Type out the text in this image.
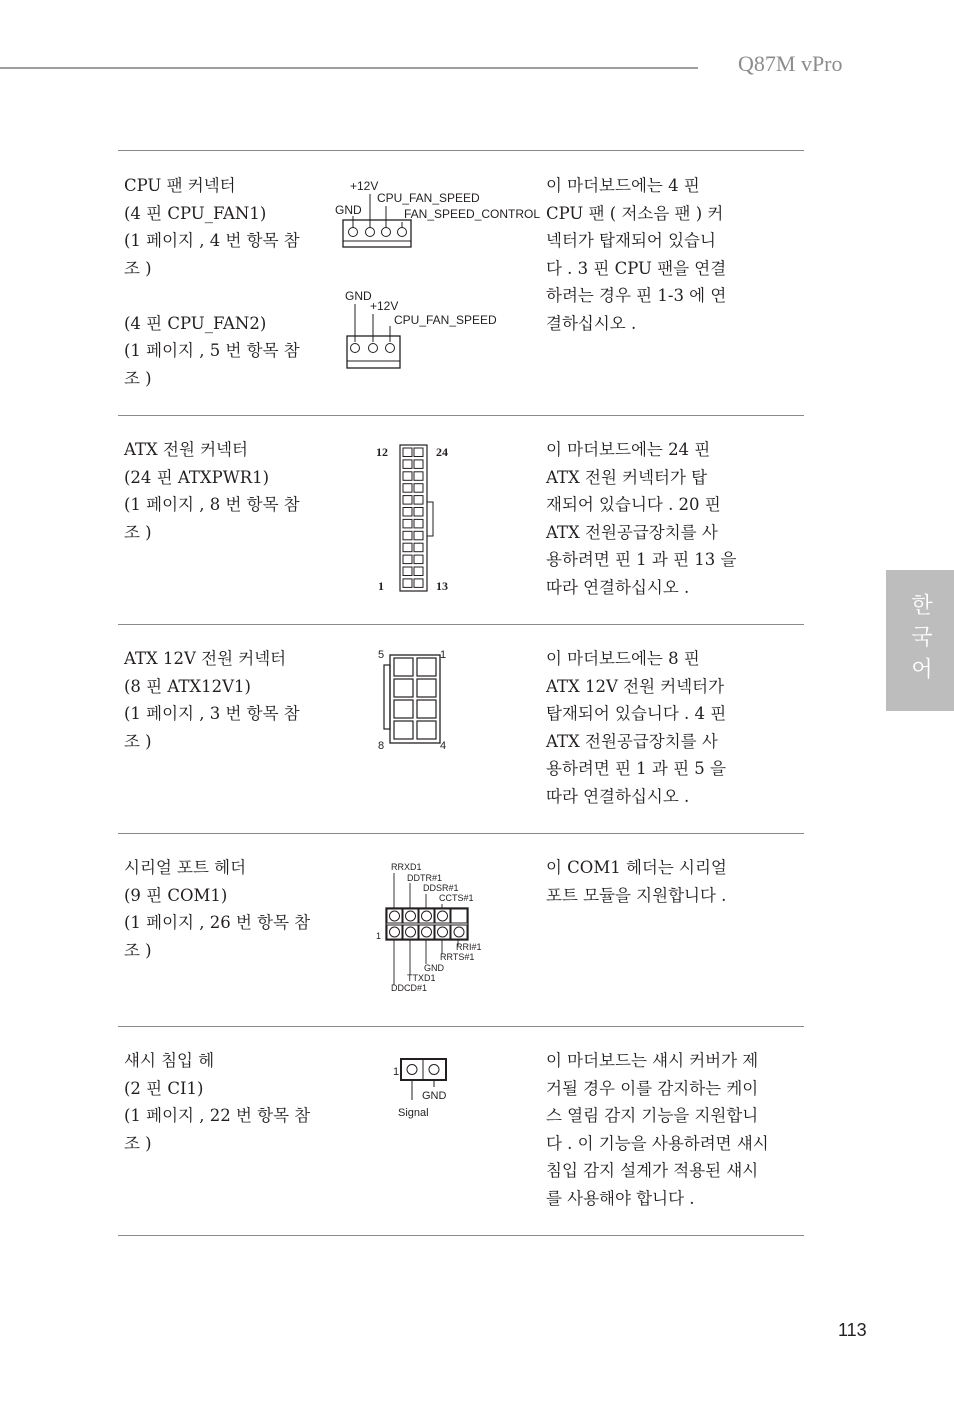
Q87M vPro
한국어
CPU 팬 커넥터
(4 핀 CPU_FAN1)
(1 페이지 , 4 번 항목 참
조 )
(4 핀 CPU_FAN2)
(1 페이지 , 5 번 항목 참
조 )
이 마더보드에는 4 핀
CPU 팬 ( 저소음 팬 ) 커
넥터가 탑재되어 있습니
다 . 3 핀 CPU 팬을 연결
하려는 경우 핀 1-3 에 연
결하십시오 .
+12V
CPU_FAN_SPEED
GND	FAN_SPEED_CONTROL
GND
+12V
CPU_FAN_SPEED
ATX 전원 커넥터
(24 핀 ATXPWR1)
(1 페이지 , 8 번 항목 참
조 )
이 마더보드에는 24 핀
ATX 전원 커넥터가 탑
재되어 있습니다 . 20 핀
ATX 전원공급장치를 사
용하려면 핀 1 과 핀 13 을
따라 연결하십시오 .
12	24
1	13
ATX 12V 전원 커넥터
(8 핀 ATX12V1)
(1 페이지 , 3 번 항목 참
조 )
이 마더보드에는 8 핀
ATX 12V 전원 커넥터가
탑재되어 있습니다 . 4 핀
ATX 전원공급장치를 사
용하려면 핀 1 과 핀 5 을
따라 연결하십시오 .
5	1
8	4
시리얼 포트 헤더
(9 핀 COM1)
(1 페이지 , 26 번 항목 참
조 )
이 COM1 헤더는 시리얼
포트 모듈을 지원합니다 .
RRXD1
DDTR#1
DDSR#1
CCTS#1
1
RRI#1
RRTS#1
GND
TTXD1
DDCD#1
섀시 침입 헤
(2 핀 CI1)
(1 페이지 , 22 번 항목 참
조 )
이 마더보드는 섀시 커버가 제
거될 경우 이를 감지하는 케이
스 열림 감지 기능을 지원합니
다 . 이 기능을 사용하려면 섀시
침입 감지 설계가 적용된 섀시
를 사용해야 합니다 .
1
GND
Signal
113
